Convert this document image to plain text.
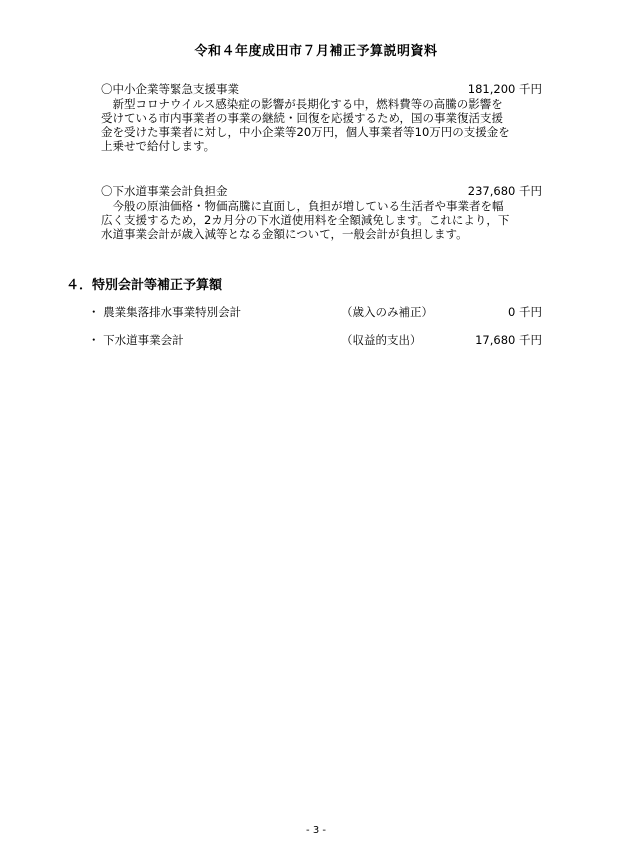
令和４年度成田市７月補正予算説明資料
〇中小企業等緊急支援事業	181,200 千円
　新型コロナウイルス感染症の影響が長期化する中，燃料費等の高騰の影響を
受けている市内事業者の事業の継続・回復を応援するため，国の事業復活支援
金を受けた事業者に対し，中小企業等20万円，個人事業者等10万円の支援金を
上乗せで給付します。
〇下水道事業会計負担金	237,680 千円
　今般の原油価格・物価高騰に直面し，負担が増している生活者や事業者を幅
広く支援するため，2カ月分の下水道使用料を全額減免します。これにより，下
水道事業会計が歳入減等となる金額について，一般会計が負担します。
４．特別会計等補正予算額
・ 農業集落排水事業特別会計	（歳入のみ補正）	0 千円
・ 下水道事業会計	（収益的支出）	17,680 千円
- 3 -
